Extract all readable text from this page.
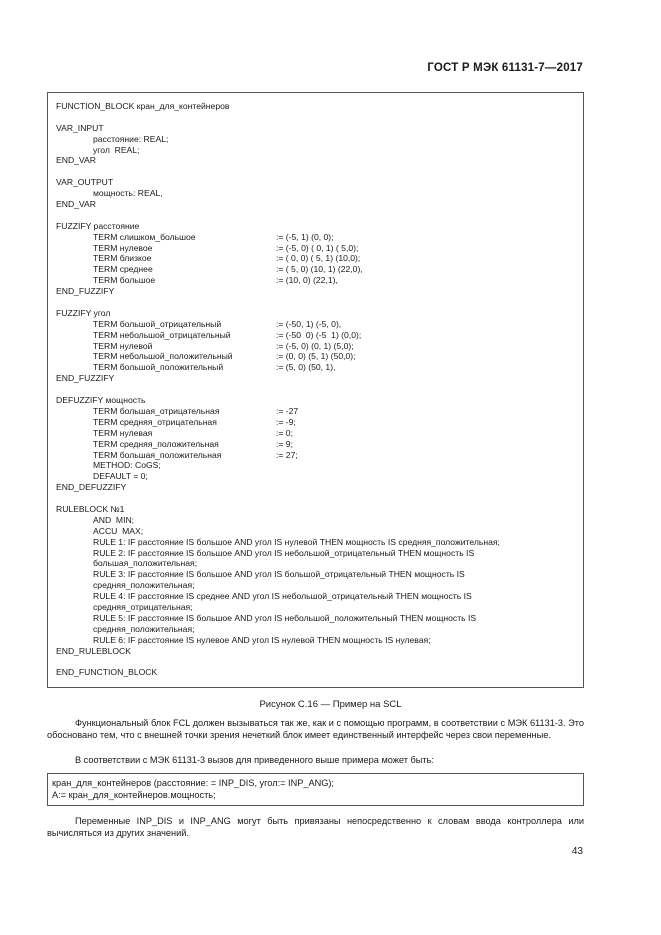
ГОСТ Р МЭК 61131-7—2017
FUNCTION_BLOCK кран_для_контейнеров
VAR_INPUT
расстояние: REAL;
угол  REAL;
END_VAR
VAR_OUTPUT
мощность: REAL,
END_VAR
FUZZIFY расстояние
TERM слишком_большое	:= (-5, 1) (0, 0);
TERM нулевое	:= (-5, 0) ( 0, 1) ( 5,0);
TERM близкое	:= ( 0, 0) ( 5, 1) (10,0);
TERM среднее	:= ( 5, 0) (10, 1) (22,0),
TERM большое	:= (10, 0) (22,1),
END_FUZZIFY
FUZZIFY угол
TERM большой_отрицательный	:= (-50, 1) (-5, 0),
TERM небольшой_отрицательный	:= (-50  0) (-5  1) (0,0);
TERM нулевой	:= (-5, 0) (0, 1) (5,0);
TERM небольшой_положительный	:= (0, 0) (5, 1) (50,0);
TERM большой_положительный	:= (5, 0) (50, 1),
END_FUZZIFY
DEFUZZIFY мощность
TERM большая_отрицательная	:= -27
TERM средняя_отрицательная	:= -9;
TERM нулевая	:= 0;
TERM средняя_положительная	:= 9;
TERM большая_положительная	:= 27;
METHOD: CoGS;
DEFAULT = 0;
END_DEFUZZIFY
RULEBLOCK №1
AND  MIN;
ACCU  MAX;
RULE 1: IF расстояние IS большое AND угол IS нулевой THEN мощность IS средняя_положительная;
RULE 2: IF расстояние IS большое AND угол IS небольшой_отрицательный THEN мощность IS
большая_положительная;
RULE 3: IF расстояние IS большое AND угол IS большой_отрицательный THEN мощность IS
средняя_положительная;
RULE 4: IF расстояние IS среднее AND угол IS небольшой_отрицательный THEN мощность IS
средняя_отрицательная;
RULE 5: IF расстояние IS большое AND угол IS небольшой_положительный THEN мощность IS
средняя_положительная;
RULE 6: IF расстояние IS нулевое AND угол IS нулевой THEN мощность IS нулевая;
END_RULEBLOCK
END_FUNCTION_BLOCK
Рисунок С.16 — Пример на SCL

Функциональный блок FCL должен вызываться так же, как и с помощью программ, в соответствии с МЭК 61131-3. Это обосновано тем, что с внешней точки зрения нечеткий блок имеет единственный интерфейс через свои переменные.

В соответствии с МЭК 61131-3 вызов для приведенного выше примера может быть:

кран_для_контейнеров (расстояние: = INP_DIS, угол:= INP_ANG);
A:= кран_для_контейнеров.мощность;

Переменные INP_DIS и INP_ANG могут быть привязаны непосредственно к словам ввода контроллера или вычисляться из других значений.

43
